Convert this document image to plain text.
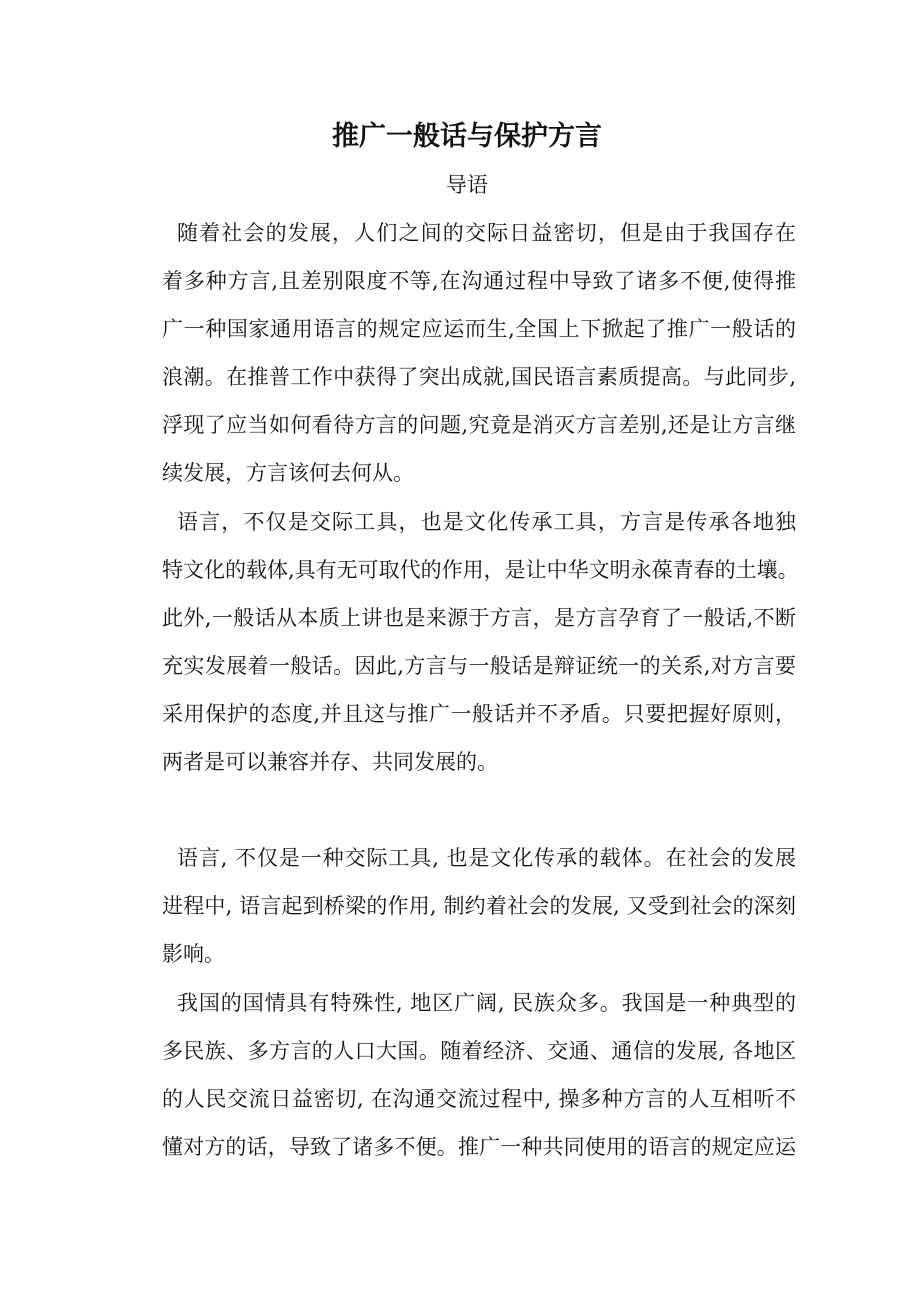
推广一般话与保护方言
导语
随着社会的发展，人们之间的交际日益密切，但是由于我国存在
着多种方言,且差别限度不等,在沟通过程中导致了诸多不便,使得推
广一种国家通用语言的规定应运而生,全国上下掀起了推广一般话的
浪潮。在推普工作中获得了突出成就,国民语言素质提高。与此同步,
浮现了应当如何看待方言的问题,究竟是消灭方言差别,还是让方言继
续发展，方言该何去何从。
语言，不仅是交际工具，也是文化传承工具，方言是传承各地独
特文化的载体,具有无可取代的作用，是让中华文明永葆青春的土壤。
此外,一般话从本质上讲也是来源于方言，是方言孕育了一般话,不断
充实发展着一般话。因此,方言与一般话是辩证统一的关系,对方言要
采用保护的态度,并且这与推广一般话并不矛盾。只要把握好原则，
两者是可以兼容并存、共同发展的。
语言, 不仅是一种交际工具, 也是文化传承的载体。在社会的发展
进程中, 语言起到桥梁的作用, 制约着社会的发展, 又受到社会的深刻
影响。
我国的国情具有特殊性, 地区广阔, 民族众多。我国是一种典型的
多民族、多方言的人口大国。随着经济、交通、通信的发展, 各地区
的人民交流日益密切, 在沟通交流过程中, 操多种方言的人互相听不
懂对方的话，导致了诸多不便。推广一种共同使用的语言的规定应运
